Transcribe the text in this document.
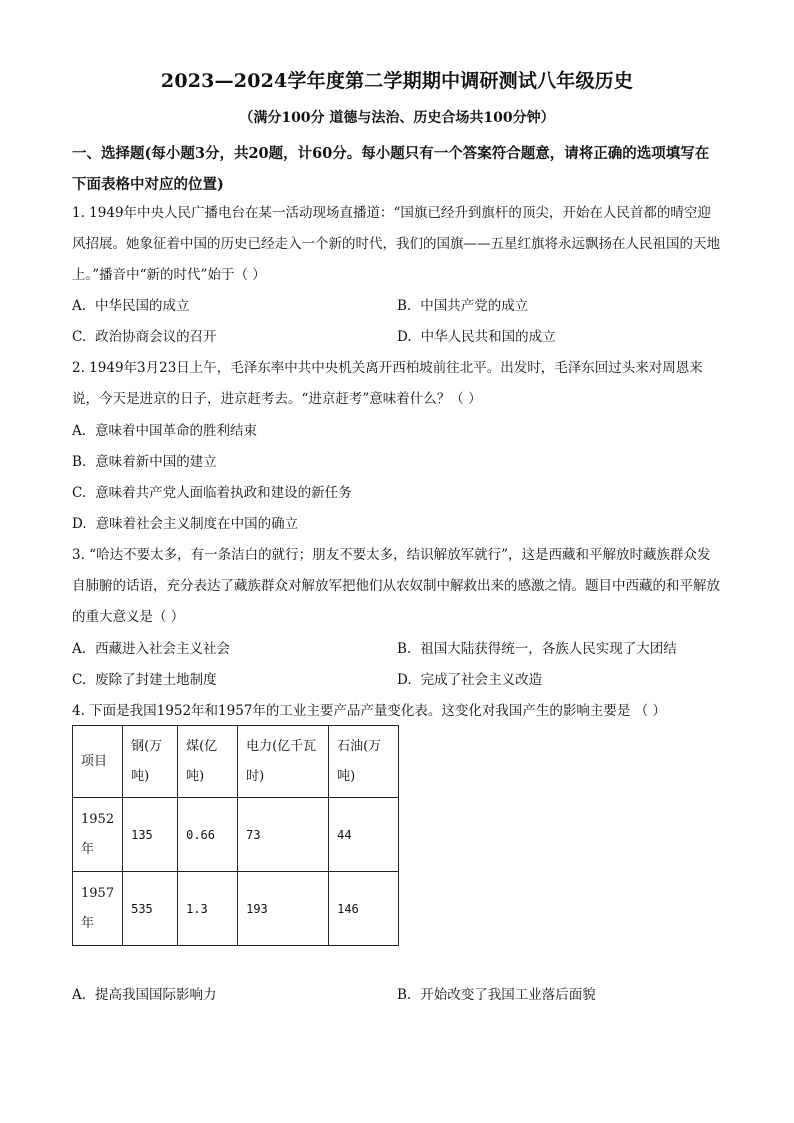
2023—2024学年度第二学期期中调研测试八年级历史
（满分100分 道德与法治、历史合场共100分钟）
一、选择题(每小题3分，共20题，计60分。每小题只有一个答案符合题意，请将正确的选项填写在下面表格中对应的位置)
1. 1949年中央人民广播电台在某一活动现场直播道：“国旗已经升到旗杆的顶尖，开始在人民首都的晴空迎风招展。她象征着中国的历史已经走入一个新的时代，我们的国旗——五星红旗将永远飘扬在人民祖国的天地上。”播音中“新的时代”始于（ ）
A. 中华民国的成立	B. 中国共产党的成立
C. 政治协商会议的召开	D. 中华人民共和国的成立
2. 1949年3月23日上午，毛泽东率中共中央机关离开西柏坡前往北平。出发时，毛泽东回过头来对周恩来说，今天是进京的日子，进京赶考去。“进京赶考”意味着什么？（ ）
A. 意味着中国革命的胜利结束
B. 意味着新中国的建立
C. 意味着共产党人面临着执政和建设的新任务
D. 意味着社会主义制度在中国的确立
3. “哈达不要太多，有一条洁白的就行；朋友不要太多，结识解放军就行”，这是西藏和平解放时藏族群众发自肺腑的话语，充分表达了藏族群众对解放军把他们从农奴制中解救出来的感激之情。题目中西藏的和平解放的重大意义是（ ）
A. 西藏进入社会主义社会	B. 祖国大陆获得统一，各族人民实现了大团结
C. 废除了封建土地制度	D. 完成了社会主义改造
4. 下面是我国1952年和1957年的工业主要产品产量变化表。这变化对我国产生的影响主要是 （ ）
项目	钢(万吨)	煤(亿吨)	电力(亿千瓦时)	石油(万吨)
1952年	135	0.66	73	44
1957年	535	1.3	193	146
A. 提高我国国际影响力	B. 开始改变了我国工业落后面貌
